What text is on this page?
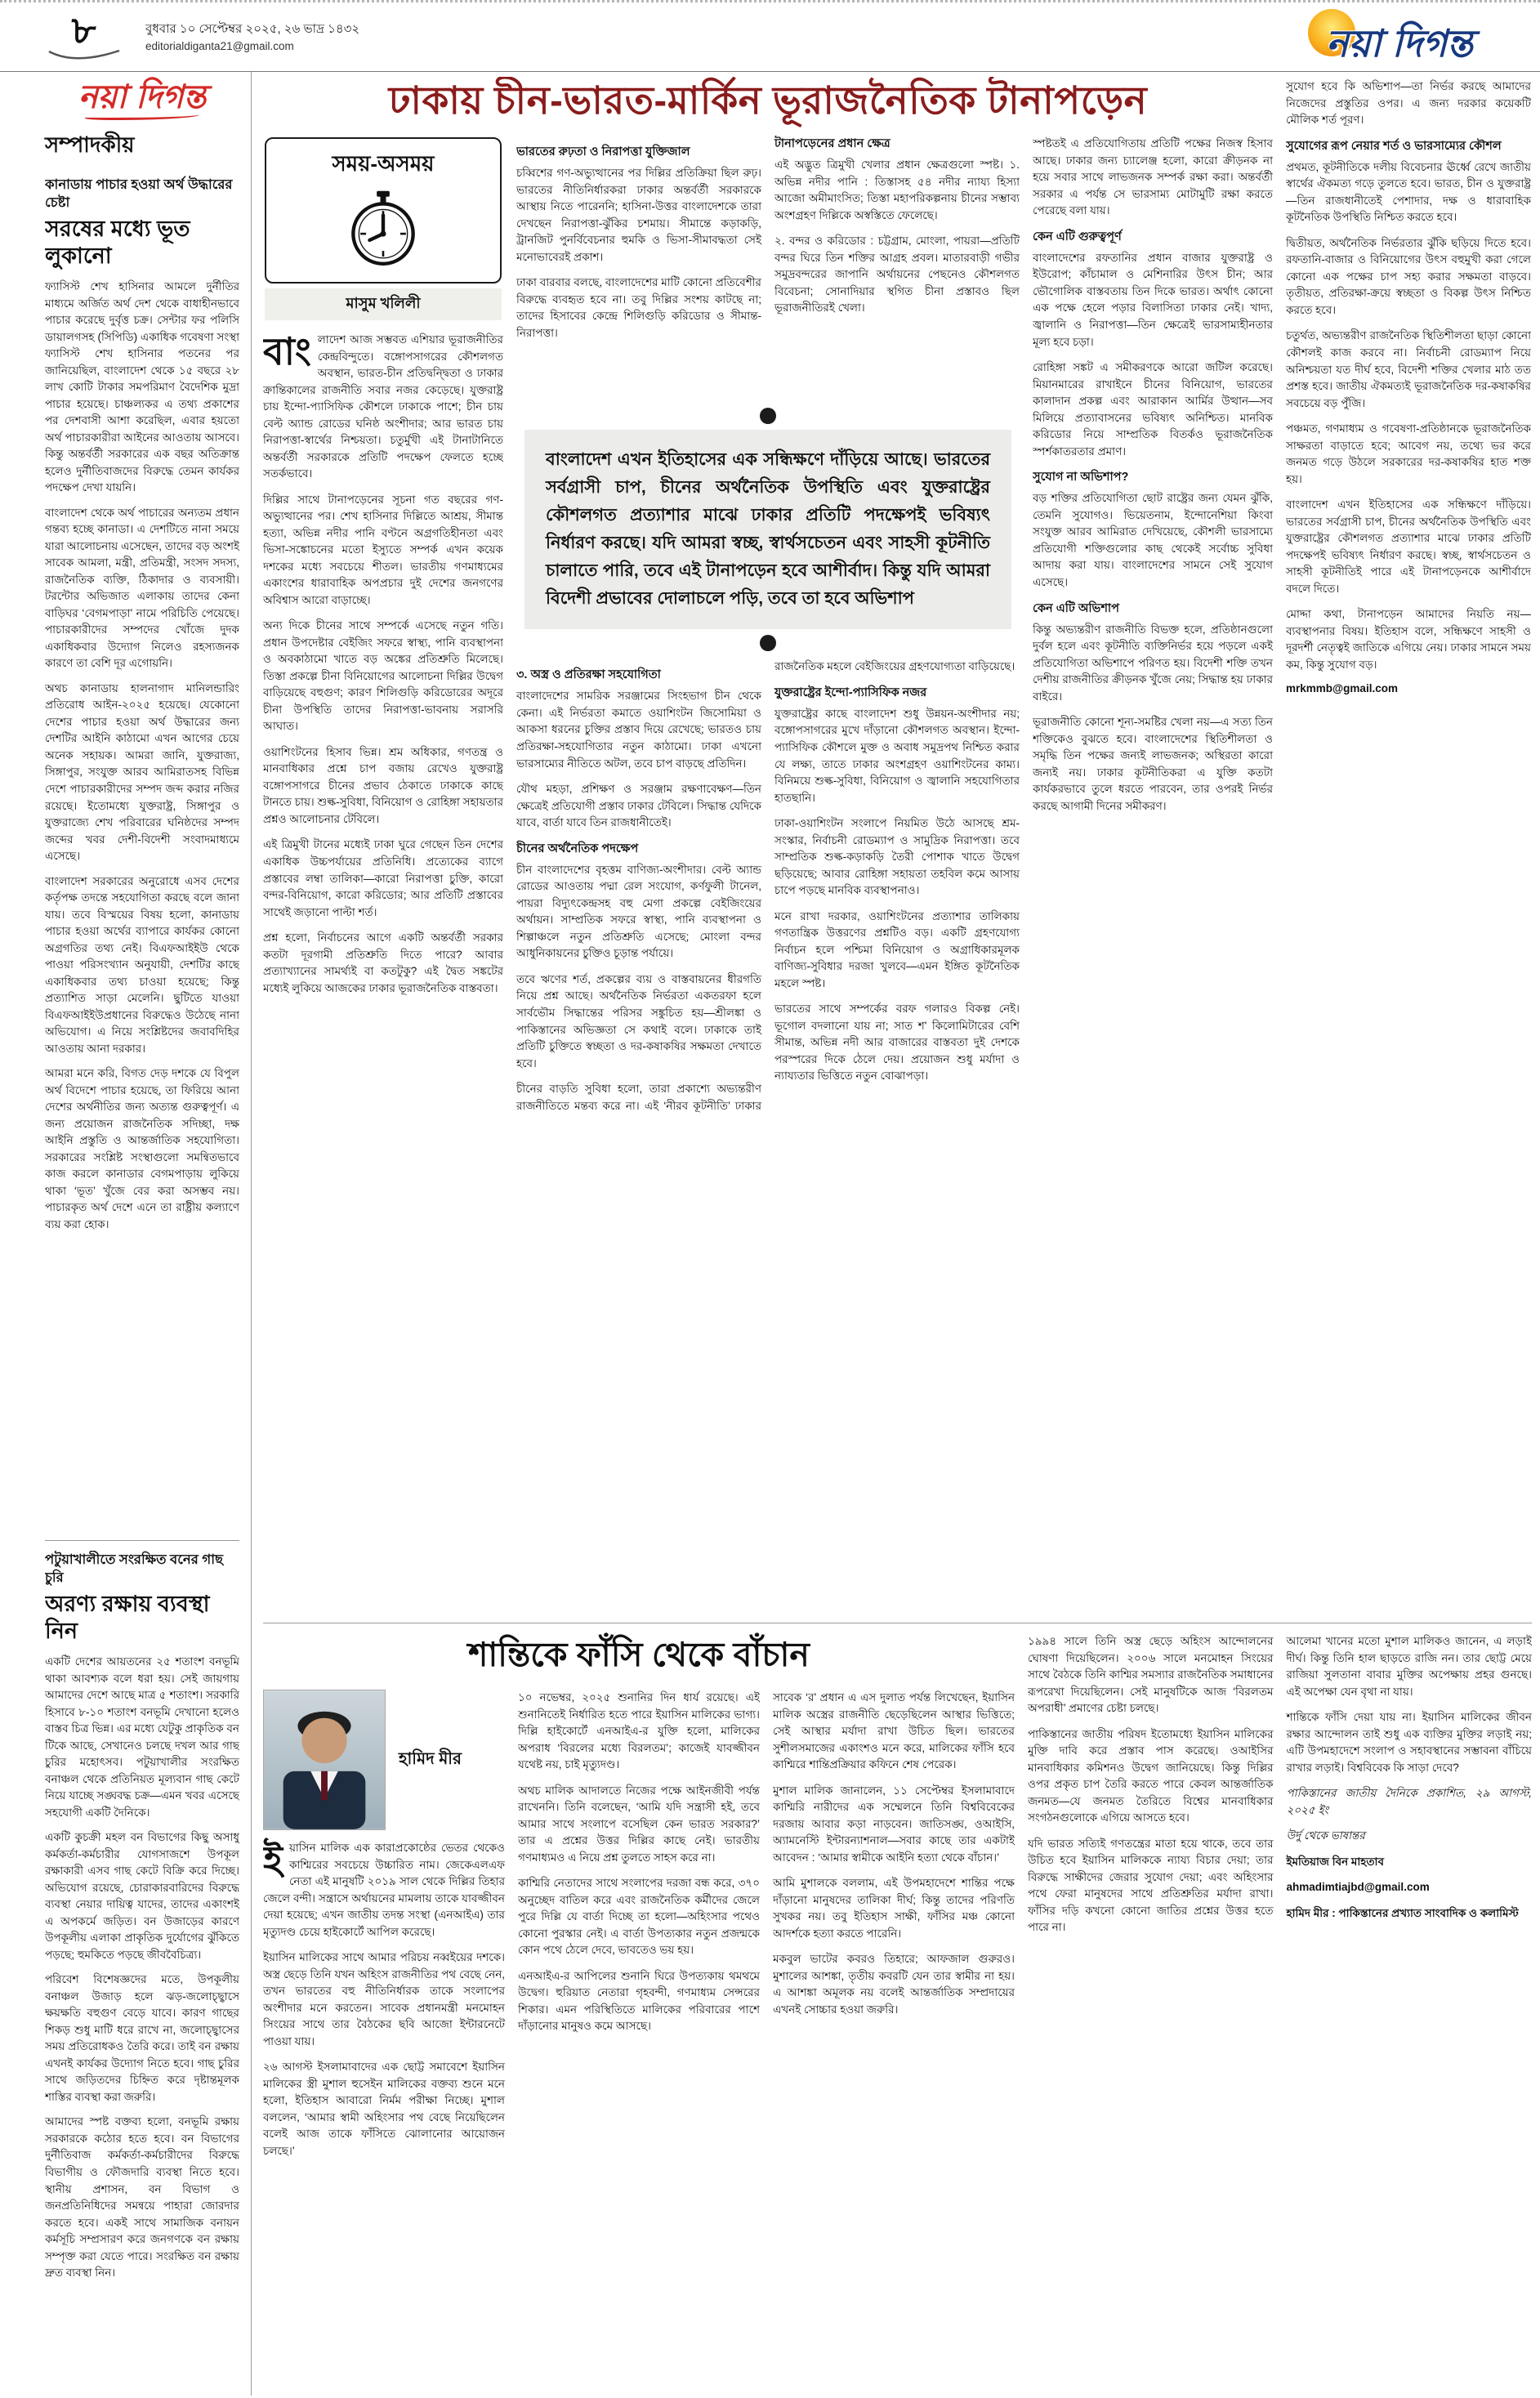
৮	বুধবার ১০ সেপ্টেম্বর ২০২৫, ২৬ ভাদ্র ১৪৩২
editorialdiganta21@gmail.com	নয়া দিগন্ত
নয়া দিগন্ত
সম্পাদকীয়
কানাডায় পাচার হওয়া অর্থ উদ্ধারের চেষ্টা
সরষের মধ্যে ভূত লুকানো

ফ্যাসিস্ট শেখ হাসিনার আমলে দুর্নীতির মাধ্যমে অর্জিত অর্থ দেশ থেকে বাধাহীনভাবে পাচার করেছে দুর্বৃত্ত চক্র। সেন্টার ফর পলিসি ডায়ালগসহ (সিপিডি) একাধিক গবেষণা সংস্থা ফ্যাসিস্ট শেখ হাসিনার পতনের পর জানিয়েছিল, বাংলাদেশ থেকে ১৫ বছরে ২৮ লাখ কোটি টাকার সমপরিমাণ বৈদেশিক মুদ্রা পাচার হয়েছে। চাঞ্চল্যকর এ তথ্য প্রকাশের পর দেশবাসী আশা করেছিল, এবার হয়তো অর্থ পাচারকারীরা আইনের আওতায় আসবে। কিন্তু অন্তর্বর্তী সরকারের এক বছর অতিক্রান্ত হলেও দুর্নীতিবাজদের বিরুদ্ধে তেমন কার্যকর পদক্ষেপ দেখা যায়নি।

বাংলাদেশ থেকে অর্থ পাচারের অন্যতম প্রধান গন্তব্য হচ্ছে কানাডা। এ দেশটিতে নানা সময়ে যারা আলোচনায় এসেছেন, তাদের বড় অংশই সাবেক আমলা, মন্ত্রী, প্রতিমন্ত্রী, সংসদ সদস্য, রাজনৈতিক ব্যক্তি, ঠিকাদার ও ব্যবসায়ী। টরন্টোর অভিজাত এলাকায় তাদের কেনা বাড়িঘর ‘বেগমপাড়া’ নামে পরিচিতি পেয়েছে। পাচারকারীদের সম্পদের খোঁজে দুদক একাধিকবার উদ্যোগ নিলেও রহস্যজনক কারণে তা বেশি দূর এগোয়নি।

অথচ কানাডায় হালনাগাদ মানিলন্ডারিং প্রতিরোধ আইন-২০২৫ হয়েছে। যেকোনো দেশের পাচার হওয়া অর্থ উদ্ধারের জন্য দেশটির আইনি কাঠামো এখন আগের চেয়ে অনেক সহায়ক। আমরা জানি, যুক্তরাজ্য, সিঙ্গাপুর, সংযুক্ত আরব আমিরাতসহ বিভিন্ন দেশে পাচারকারীদের সম্পদ জব্দ করার নজির রয়েছে। ইতোমধ্যে যুক্তরাষ্ট্র, সিঙ্গাপুর ও যুক্তরাজ্যে শেখ পরিবারের ঘনিষ্ঠদের সম্পদ জব্দের খবর দেশী-বিদেশী সংবাদমাধ্যমে এসেছে।

বাংলাদেশ সরকারের অনুরোধে এসব দেশের কর্তৃপক্ষ তদন্তে সহযোগিতা করছে বলে জানা যায়। তবে বিস্ময়ের বিষয় হলো, কানাডায় পাচার হওয়া অর্থের ব্যাপারে কার্যকর কোনো অগ্রগতির তথ্য নেই। বিএফআইইউ থেকে পাওয়া পরিসংখ্যান অনুযায়ী, দেশটির কাছে একাধিকবার তথ্য চাওয়া হয়েছে; কিন্তু প্রত্যাশিত সাড়া মেলেনি। ছুটিতে যাওয়া বিএফআইইউপ্রধানের বিরুদ্ধেও উঠেছে নানা অভিযোগ। এ নিয়ে সংশ্লিষ্টদের জবাবদিহির আওতায় আনা দরকার।

আমরা মনে করি, বিগত দেড় দশকে যে বিপুল অর্থ বিদেশে পাচার হয়েছে, তা ফিরিয়ে আনা দেশের অর্থনীতির জন্য অত্যন্ত গুরুত্বপূর্ণ। এ জন্য প্রয়োজন রাজনৈতিক সদিচ্ছা, দক্ষ আইনি প্রস্তুতি ও আন্তর্জাতিক সহযোগিতা। সরকারের সংশ্লিষ্ট সংস্থাগুলো সমন্বিতভাবে কাজ করলে কানাডার বেগমপাড়ায় লুকিয়ে থাকা ‘ভূত’ খুঁজে বের করা অসম্ভব নয়। পাচারকৃত অর্থ দেশে এনে তা রাষ্ট্রীয় কল্যাণে ব্যয় করা হোক।

পটুয়াখালীতে সংরক্ষিত বনের গাছ চুরি
অরণ্য রক্ষায় ব্যবস্থা নিন

একটি দেশের আয়তনের ২৫ শতাংশ বনভূমি থাকা আবশ্যক বলে ধরা হয়। সেই জায়গায় আমাদের দেশে আছে মাত্র ৫ শতাংশ। সরকারি হিসাবে ৮-১০ শতাংশ বনভূমি দেখানো হলেও বাস্তব চিত্র ভিন্ন। এর মধ্যে যেটুকু প্রাকৃতিক বন টিকে আছে, সেখানেও চলছে দখল আর গাছ চুরির মহোৎসব। পটুয়াখালীর সংরক্ষিত বনাঞ্চল থেকে প্রতিনিয়ত মূল্যবান গাছ কেটে নিয়ে যাচ্ছে সঙ্ঘবদ্ধ চক্র—এমন খবর এসেছে সহযোগী একটি দৈনিকে।

একটি কুচক্রী মহল বন বিভাগের কিছু অসাধু কর্মকর্তা-কর্মচারীর যোগসাজশে উপকূল রক্ষাকারী এসব গাছ কেটে বিক্রি করে দিচ্ছে। অভিযোগ রয়েছে, চোরাকারবারিদের বিরুদ্ধে ব্যবস্থা নেয়ার দায়িত্ব যাদের, তাদের একাংশই এ অপকর্মে জড়িত। বন উজাড়ের কারণে উপকূলীয় এলাকা প্রাকৃতিক দুর্যোগের ঝুঁকিতে পড়ছে; হুমকিতে পড়ছে জীববৈচিত্র্য।

পরিবেশ বিশেষজ্ঞদের মতে, উপকূলীয় বনাঞ্চল উজাড় হলে ঝড়-জলোচ্ছ্বাসে ক্ষয়ক্ষতি বহুগুণ বেড়ে যাবে। কারণ গাছের শিকড় শুধু মাটি ধরে রাখে না, জলোচ্ছ্বাসের সময় প্রতিরোধকও তৈরি করে। তাই বন রক্ষায় এখনই কার্যকর উদ্যোগ নিতে হবে। গাছ চুরির সাথে জড়িতদের চিহ্নিত করে দৃষ্টান্তমূলক শাস্তির ব্যবস্থা করা জরুরি।

আমাদের স্পষ্ট বক্তব্য হলো, বনভূমি রক্ষায় সরকারকে কঠোর হতে হবে। বন বিভাগের দুর্নীতিবাজ কর্মকর্তা-কর্মচারীদের বিরুদ্ধে বিভাগীয় ও ফৌজদারি ব্যবস্থা নিতে হবে। স্থানীয় প্রশাসন, বন বিভাগ ও জনপ্রতিনিধিদের সমন্বয়ে পাহারা জোরদার করতে হবে। একই সাথে সামাজিক বনায়ন কর্মসূচি সম্প্রসারণ করে জনগণকে বন রক্ষায় সম্পৃক্ত করা যেতে পারে। সংরক্ষিত বন রক্ষায় দ্রুত ব্যবস্থা নিন।

ঢাকায় চীন-ভারত-মার্কিন ভূরাজনৈতিক টানাপড়েন
সময়-অসময়
মাসুম খলিলী

বাংলাদেশ আজ সম্ভবত এশিয়ার ভূরাজনীতির কেন্দ্রবিন্দুতে। বঙ্গোপসাগরের কৌশলগত অবস্থান, ভারত-চীন প্রতিদ্বন্দ্বিতা ও ঢাকার ক্রান্তিকালের রাজনীতি সবার নজর কেড়েছে। যুক্তরাষ্ট্র চায় ইন্দো-প্যাসিফিক কৌশলে ঢাকাকে পাশে; চীন চায় বেল্ট অ্যান্ড রোডের ঘনিষ্ঠ অংশীদার; আর ভারত চায় নিরাপত্তা-স্বার্থের নিশ্চয়তা। চতুর্মুখী এই টানাটানিতে অন্তর্বর্তী সরকারকে প্রতিটি পদক্ষেপ ফেলতে হচ্ছে সতর্কভাবে।

দিল্লির সাথে টানাপড়েনের সূচনা গত বছরের গণ-অভ্যুত্থানের পর। শেখ হাসিনার দিল্লিতে আশ্রয়, সীমান্ত হত্যা, অভিন্ন নদীর পানি বণ্টনে অগ্রগতিহীনতা এবং ভিসা-সঙ্কোচনের মতো ইস্যুতে সম্পর্ক এখন কয়েক দশকের মধ্যে সবচেয়ে শীতল। ভারতীয় গণমাধ্যমের একাংশের ধারাবাহিক অপপ্রচার দুই দেশের জনগণের অবিশ্বাস আরো বাড়াচ্ছে।

অন্য দিকে চীনের সাথে সম্পর্কে এসেছে নতুন গতি। প্রধান উপদেষ্টার বেইজিং সফরে স্বাস্থ্য, পানি ব্যবস্থাপনা ও অবকাঠামো খাতে বড় অঙ্কের প্রতিশ্রুতি মিলেছে। তিস্তা প্রকল্পে চীনা বিনিয়োগের আলোচনা দিল্লির উদ্বেগ বাড়িয়েছে বহুগুণ; কারণ শিলিগুড়ি করিডোরের অদূরে চীনা উপস্থিতি তাদের নিরাপত্তা-ভাবনায় সরাসরি আঘাত।

ওয়াশিংটনের হিসাব ভিন্ন। শ্রম অধিকার, গণতন্ত্র ও মানবাধিকার প্রশ্নে চাপ বজায় রেখেও যুক্তরাষ্ট্র বঙ্গোপসাগরে চীনের প্রভাব ঠেকাতে ঢাকাকে কাছে টানতে চায়। শুল্ক-সুবিধা, বিনিয়োগ ও রোহিঙ্গা সহায়তার প্রশ্নও আলোচনার টেবিলে।

এই ত্রিমুখী টানের মধ্যেই ঢাকা ঘুরে গেছেন তিন দেশের একাধিক উচ্চপর্যায়ের প্রতিনিধি। প্রত্যেকের ব্যাগে প্রস্তাবের লম্বা তালিকা—কারো নিরাপত্তা চুক্তি, কারো বন্দর-বিনিয়োগ, কারো করিডোর; আর প্রতিটি প্রস্তাবের সাথেই জড়ানো পাল্টা শর্ত।

প্রশ্ন হলো, নির্বাচনের আগে একটি অন্তর্বর্তী সরকার কতটা দূরগামী প্রতিশ্রুতি দিতে পারে? আবার প্রত্যাখ্যানের সামর্থ্যই বা কতটুকু? এই দ্বৈত সঙ্কটের মধ্যেই লুকিয়ে আজকের ঢাকার ভূরাজনৈতিক বাস্তবতা।

ভারতের রুঢ়তা ও নিরাপত্তা যুক্তিজাল

চব্বিশের গণ-অভ্যুত্থানের পর দিল্লির প্রতিক্রিয়া ছিল রুঢ়। ভারতের নীতিনির্ধারকরা ঢাকার অন্তর্বর্তী সরকারকে আস্থায় নিতে পারেননি; হাসিনা-উত্তর বাংলাদেশকে তারা দেখছেন নিরাপত্তা-ঝুঁকির চশমায়। সীমান্তে কড়াকড়ি, ট্রানজিট পুনর্বিবেচনার হুমকি ও ভিসা-সীমাবদ্ধতা সেই মনোভাবেরই প্রকাশ।

ঢাকা বারবার বলছে, বাংলাদেশের মাটি কোনো প্রতিবেশীর বিরুদ্ধে ব্যবহৃত হবে না। তবু দিল্লির সংশয় কাটছে না; তাদের হিসাবের কেন্দ্রে শিলিগুড়ি করিডোর ও সীমান্ত-নিরাপত্তা।

টানাপড়েনের প্রধান ক্ষেত্র

এই অদ্ভুত ত্রিমুখী খেলার প্রধান ক্ষেত্রগুলো স্পষ্ট। ১. অভিন্ন নদীর পানি : তিস্তাসহ ৫৪ নদীর ন্যায্য হিস্যা আজো অমীমাংসিত; তিস্তা মহাপরিকল্পনায় চীনের সম্ভাব্য অংশগ্রহণ দিল্লিকে অস্বস্তিতে ফেলেছে।

২. বন্দর ও করিডোর : চট্টগ্রাম, মোংলা, পায়রা—প্রতিটি বন্দর ঘিরে তিন শক্তির আগ্রহ প্রবল। মাতারবাড়ী গভীর সমুদ্রবন্দরের জাপানি অর্থায়নের পেছনেও কৌশলগত বিবেচনা; সোনাদিয়ার স্থগিত চীনা প্রস্তাবও ছিল ভূরাজনীতিরই খেলা।

বাংলাদেশ এখন ইতিহাসের এক সন্ধিক্ষণে দাঁড়িয়ে আছে। ভারতের সর্বগ্রাসী চাপ, চীনের অর্থনৈতিক উপস্থিতি এবং যুক্তরাষ্ট্রের কৌশলগত প্রত্যাশার মাঝে ঢাকার প্রতিটি পদক্ষেপই ভবিষ্যৎ নির্ধারণ করছে। যদি আমরা স্বচ্ছ, স্বার্থসচেতন এবং সাহসী কূটনীতি চালাতে পারি, তবে এই টানাপড়েন হবে আশীর্বাদ। কিন্তু যদি আমরা বিদেশী প্রভাবের দোলাচলে পড়ি, তবে তা হবে অভিশাপ
৩. অস্ত্র ও প্রতিরক্ষা সহযোগিতা

বাংলাদেশের সামরিক সরঞ্জামের সিংহভাগ চীন থেকে কেনা। এই নির্ভরতা কমাতে ওয়াশিংটন জিসোমিয়া ও আকসা ধরনের চুক্তির প্রস্তাব দিয়ে রেখেছে; ভারতও চায় প্রতিরক্ষা-সহযোগিতার নতুন কাঠামো। ঢাকা এখনো ভারসাম্যের নীতিতে অটল, তবে চাপ বাড়ছে প্রতিদিন।

যৌথ মহড়া, প্রশিক্ষণ ও সরঞ্জাম রক্ষণাবেক্ষণ—তিন ক্ষেত্রেই প্রতিযোগী প্রস্তাব ঢাকার টেবিলে। সিদ্ধান্ত যেদিকে যাবে, বার্তা যাবে তিন রাজধানীতেই।

চীনের অর্থনৈতিক পদক্ষেপ

চীন বাংলাদেশের বৃহত্তম বাণিজ্য-অংশীদার। বেল্ট অ্যান্ড রোডের আওতায় পদ্মা রেল সংযোগ, কর্ণফুলী টানেল, পায়রা বিদ্যুৎকেন্দ্রসহ বহু মেগা প্রকল্পে বেইজিংয়ের অর্থায়ন। সাম্প্রতিক সফরে স্বাস্থ্য, পানি ব্যবস্থাপনা ও শিল্পাঞ্চলে নতুন প্রতিশ্রুতি এসেছে; মোংলা বন্দর আধুনিকায়নের চুক্তিও চূড়ান্ত পর্যায়ে।

তবে ঋণের শর্ত, প্রকল্পের ব্যয় ও বাস্তবায়নের ধীরগতি নিয়ে প্রশ্ন আছে। অর্থনৈতিক নির্ভরতা একতরফা হলে সার্বভৌম সিদ্ধান্তের পরিসর সঙ্কুচিত হয়—শ্রীলঙ্কা ও পাকিস্তানের অভিজ্ঞতা সে কথাই বলে। ঢাকাকে তাই প্রতিটি চুক্তিতে স্বচ্ছতা ও দর-কষাকষির সক্ষমতা দেখাতে হবে।

চীনের বাড়তি সুবিধা হলো, তারা প্রকাশ্যে অভ্যন্তরীণ রাজনীতিতে মন্তব্য করে না। এই ‘নীরব কূটনীতি’ ঢাকার রাজনৈতিক মহলে বেইজিংয়ের গ্রহণযোগ্যতা বাড়িয়েছে।

যুক্তরাষ্ট্রের ইন্দো-প্যাসিফিক নজর

যুক্তরাষ্ট্রের কাছে বাংলাদেশ শুধু উন্নয়ন-অংশীদার নয়; বঙ্গোপসাগরের মুখে দাঁড়ানো কৌশলগত অবস্থান। ইন্দো-প্যাসিফিক কৌশলে মুক্ত ও অবাধ সমুদ্রপথ নিশ্চিত করার যে লক্ষ্য, তাতে ঢাকার অংশগ্রহণ ওয়াশিংটনের কাম্য। বিনিময়ে শুল্ক-সুবিধা, বিনিয়োগ ও জ্বালানি সহযোগিতার হাতছানি।

ঢাকা-ওয়াশিংটন সংলাপে নিয়মিত উঠে আসছে শ্রম-সংস্কার, নির্বাচনী রোডম্যাপ ও সামুদ্রিক নিরাপত্তা। তবে সাম্প্রতিক শুল্ক-কড়াকড়ি তৈরী পোশাক খাতে উদ্বেগ ছড়িয়েছে; আবার রোহিঙ্গা সহায়তা তহবিল কমে আসায় চাপে পড়ছে মানবিক ব্যবস্থাপনাও।

মনে রাখা দরকার, ওয়াশিংটনের প্রত্যাশার তালিকায় গণতান্ত্রিক উত্তরণের প্রশ্নটিও বড়। একটি গ্রহণযোগ্য নির্বাচন হলে পশ্চিমা বিনিয়োগ ও অগ্রাধিকারমূলক বাণিজ্য-সুবিধার দরজা খুলবে—এমন ইঙ্গিত কূটনৈতিক মহলে স্পষ্ট।

ভারতের সাথে সম্পর্কের বরফ গলারও বিকল্প নেই। ভূগোল বদলানো যায় না; সাত শ' কিলোমিটারের বেশি সীমান্ত, অভিন্ন নদী আর বাজারের বাস্তবতা দুই দেশকে পরস্পরের দিকে ঠেলে দেয়। প্রয়োজন শুধু মর্যাদা ও ন্যায্যতার ভিত্তিতে নতুন বোঝাপড়া।

স্পষ্টতই এ প্রতিযোগিতায় প্রতিটি পক্ষের নিজস্ব হিসাব আছে। ঢাকার জন্য চ্যালেঞ্জ হলো, কারো ক্রীড়নক না হয়ে সবার সাথে লাভজনক সম্পর্ক রক্ষা করা। অন্তর্বর্তী সরকার এ পর্যন্ত সে ভারসাম্য মোটামুটি রক্ষা করতে পেরেছে বলা যায়।

কেন এটি গুরুত্বপূর্ণ

বাংলাদেশের রফতানির প্রধান বাজার যুক্তরাষ্ট্র ও ইউরোপ; কাঁচামাল ও মেশিনারির উৎস চীন; আর ভৌগোলিক বাস্তবতায় তিন দিকে ভারত। অর্থাৎ কোনো এক পক্ষে হেলে পড়ার বিলাসিতা ঢাকার নেই। খাদ্য, জ্বালানি ও নিরাপত্তা—তিন ক্ষেত্রেই ভারসাম্যহীনতার মূল্য হবে চড়া।

রোহিঙ্গা সঙ্কট এ সমীকরণকে আরো জটিল করেছে। মিয়ানমারের রাখাইনে চীনের বিনিয়োগ, ভারতের কালাদান প্রকল্প এবং আরাকান আর্মির উত্থান—সব মিলিয়ে প্রত্যাবাসনের ভবিষ্যৎ অনিশ্চিত। মানবিক করিডোর নিয়ে সাম্প্রতিক বিতর্কও ভূরাজনৈতিক স্পর্শকাতরতার প্রমাণ।

সুযোগ না অভিশাপ?

বড় শক্তির প্রতিযোগিতা ছোট রাষ্ট্রের জন্য যেমন ঝুঁকি, তেমনি সুযোগও। ভিয়েতনাম, ইন্দোনেশিয়া কিংবা সংযুক্ত আরব আমিরাত দেখিয়েছে, কৌশলী ভারসাম্যে প্রতিযোগী শক্তিগুলোর কাছ থেকেই সর্বোচ্চ সুবিধা আদায় করা যায়। বাংলাদেশের সামনে সেই সুযোগ এসেছে।

কেন এটি অভিশাপ

কিন্তু অভ্যন্তরীণ রাজনীতি বিভক্ত হলে, প্রতিষ্ঠানগুলো দুর্বল হলে এবং কূটনীতি ব্যক্তিনির্ভর হয়ে পড়লে একই প্রতিযোগিতা অভিশাপে পরিণত হয়। বিদেশী শক্তি তখন দেশীয় রাজনীতির ক্রীড়নক খুঁজে নেয়; সিদ্ধান্ত হয় ঢাকার বাইরে।

ভূরাজনীতি কোনো শূন্য-সমষ্টির খেলা নয়—এ সত্য তিন শক্তিকেও বুঝতে হবে। বাংলাদেশের স্থিতিশীলতা ও সমৃদ্ধি তিন পক্ষের জন্যই লাভজনক; অস্থিরতা কারো জন্যই নয়। ঢাকার কূটনীতিকরা এ যুক্তি কতটা কার্যকরভাবে তুলে ধরতে পারবেন, তার ওপরই নির্ভর করছে আগামী দিনের সমীকরণ।

সুযোগ হবে কি অভিশাপ—তা নির্ভর করছে আমাদের নিজেদের প্রস্তুতির ওপর। এ জন্য দরকার কয়েকটি মৌলিক শর্ত পূরণ।

সুযোগের রূপ নেয়ার শর্ত ও ভারসাম্যের কৌশল

প্রথমত, কূটনীতিকে দলীয় বিবেচনার ঊর্ধ্বে রেখে জাতীয় স্বার্থের ঐকমত্য গড়ে তুলতে হবে। ভারত, চীন ও যুক্তরাষ্ট্র—তিন রাজধানীতেই পেশাদার, দক্ষ ও ধারাবাহিক কূটনৈতিক উপস্থিতি নিশ্চিত করতে হবে।

দ্বিতীয়ত, অর্থনৈতিক নির্ভরতার ঝুঁকি ছড়িয়ে দিতে হবে। রফতানি-বাজার ও বিনিয়োগের উৎস বহুমুখী করা গেলে কোনো এক পক্ষের চাপ সহ্য করার সক্ষমতা বাড়বে। তৃতীয়ত, প্রতিরক্ষা-ক্রয়ে স্বচ্ছতা ও বিকল্প উৎস নিশ্চিত করতে হবে।

চতুর্থত, অভ্যন্তরীণ রাজনৈতিক স্থিতিশীলতা ছাড়া কোনো কৌশলই কাজ করবে না। নির্বাচনী রোডম্যাপ নিয়ে অনিশ্চয়তা যত দীর্ঘ হবে, বিদেশী শক্তির খেলার মাঠ তত প্রশস্ত হবে। জাতীয় ঐকমত্যই ভূরাজনৈতিক দর-কষাকষির সবচেয়ে বড় পুঁজি।

পঞ্চমত, গণমাধ্যম ও গবেষণা-প্রতিষ্ঠানকে ভূরাজনৈতিক সাক্ষরতা বাড়াতে হবে; আবেগ নয়, তথ্যে ভর করে জনমত গড়ে উঠলে সরকারের দর-কষাকষির হাত শক্ত হয়।

বাংলাদেশ এখন ইতিহাসের এক সন্ধিক্ষণে দাঁড়িয়ে। ভারতের সর্বগ্রাসী চাপ, চীনের অর্থনৈতিক উপস্থিতি এবং যুক্তরাষ্ট্রের কৌশলগত প্রত্যাশার মাঝে ঢাকার প্রতিটি পদক্ষেপই ভবিষ্যৎ নির্ধারণ করছে। স্বচ্ছ, স্বার্থসচেতন ও সাহসী কূটনীতিই পারে এই টানাপড়েনকে আশীর্বাদে বদলে দিতে।

মোদ্দা কথা, টানাপড়েন আমাদের নিয়তি নয়—ব্যবস্থাপনার বিষয়। ইতিহাস বলে, সন্ধিক্ষণে সাহসী ও দূরদর্শী নেতৃত্বই জাতিকে এগিয়ে নেয়। ঢাকার সামনে সময় কম, কিন্তু সুযোগ বড়।

mrkmmb@gmail.com
শান্তিকে ফাঁসি থেকে বাঁচান
হামিদ মীর

ইয়াসিন মালিক এক কারাপ্রকোষ্ঠের ভেতর থেকেও কাশ্মিরের সবচেয়ে উচ্চারিত নাম। জেকেএলএফ নেতা এই মানুষটি ২০১৯ সাল থেকে দিল্লির তিহার জেলে বন্দী। সন্ত্রাসে অর্থায়নের মামলায় তাকে যাবজ্জীবন দেয়া হয়েছে; এখন জাতীয় তদন্ত সংস্থা (এনআইএ) তার মৃত্যুদণ্ড চেয়ে হাইকোর্টে আপিল করেছে।

ইয়াসিন মালিকের সাথে আমার পরিচয় নব্বইয়ের দশকে। অস্ত্র ছেড়ে তিনি যখন অহিংস রাজনীতির পথ বেছে নেন, তখন ভারতের বহু নীতিনির্ধারক তাকে সংলাপের অংশীদার মনে করতেন। সাবেক প্রধানমন্ত্রী মনমোহন সিংয়ের সাথে তার বৈঠকের ছবি আজো ইন্টারনেটে পাওয়া যায়।

২৬ আগস্ট ইসলামাবাদের এক ছোট্ট সমাবেশে ইয়াসিন মালিকের স্ত্রী মুশাল হুসেইন মালিকের বক্তব্য শুনে মনে হলো, ইতিহাস আবারো নির্মম পরীক্ষা নিচ্ছে। মুশাল বললেন, ‘আমার স্বামী অহিংসার পথ বেছে নিয়েছিলেন বলেই আজ তাকে ফাঁসিতে ঝোলানোর আয়োজন চলছে।’

১০ নভেম্বর, ২০২৫ শুনানির দিন ধার্য রয়েছে। এই শুনানিতেই নির্ধারিত হতে পারে ইয়াসিন মালিকের ভাগ্য। দিল্লি হাইকোর্টে এনআইএ-র যুক্তি হলো, মালিকের অপরাধ ‘বিরলের মধ্যে বিরলতম’; কাজেই যাবজ্জীবন যথেষ্ট নয়, চাই মৃত্যুদণ্ড।

অথচ মালিক আদালতে নিজের পক্ষে আইনজীবী পর্যন্ত রাখেননি। তিনি বলেছেন, ‘আমি যদি সন্ত্রাসী হই, তবে আমার সাথে সংলাপে বসেছিল কেন ভারত সরকার?’ তার এ প্রশ্নের উত্তর দিল্লির কাছে নেই। ভারতীয় গণমাধ্যমও এ নিয়ে প্রশ্ন তুলতে সাহস করে না।

কাশ্মিরি নেতাদের সাথে সংলাপের দরজা বন্ধ করে, ৩৭০ অনুচ্ছেদ বাতিল করে এবং রাজনৈতিক কর্মীদের জেলে পুরে দিল্লি যে বার্তা দিচ্ছে তা হলো—অহিংসার পথেও কোনো পুরস্কার নেই। এ বার্তা উপত্যকার নতুন প্রজন্মকে কোন পথে ঠেলে দেবে, ভাবতেও ভয় হয়।

এনআইএ-র আপিলের শুনানি ঘিরে উপত্যকায় থমথমে উদ্বেগ। হুরিয়াত নেতারা গৃহবন্দী, গণমাধ্যম সেন্সরের শিকার। এমন পরিস্থিতিতে মালিকের পরিবারের পাশে দাঁড়ানোর মানুষও কমে আসছে।

সাবেক ‘র’ প্রধান এ এস দুলাত পর্যন্ত লিখেছেন, ইয়াসিন মালিক অস্ত্রের রাজনীতি ছেড়েছিলেন আস্থার ভিত্তিতে; সেই আস্থার মর্যাদা রাখা উচিত ছিল। ভারতের সুশীলসমাজের একাংশও মনে করে, মালিকের ফাঁসি হবে কাশ্মিরে শান্তিপ্রক্রিয়ার কফিনে শেষ পেরেক।

মুশাল মালিক জানালেন, ১১ সেপ্টেম্বর ইসলামাবাদে কাশ্মিরি নারীদের এক সম্মেলনে তিনি বিশ্ববিবেকের দরজায় আবার কড়া নাড়বেন। জাতিসঙ্ঘ, ওআইসি, অ্যামনেস্টি ইন্টারন্যাশনাল—সবার কাছে তার একটাই আবেদন : ‘আমার স্বামীকে আইনি হত্যা থেকে বাঁচান।’

আমি মুশালকে বললাম, এই উপমহাদেশে শান্তির পক্ষে দাঁড়ানো মানুষদের তালিকা দীর্ঘ; কিন্তু তাদের পরিণতি সুখকর নয়। তবু ইতিহাস সাক্ষী, ফাঁসির মঞ্চ কোনো আদর্শকে হত্যা করতে পারেনি।

মকবুল ভাটের কবরও তিহারে; আফজাল গুরুরও। মুশালের আশঙ্কা, তৃতীয় কবরটি যেন তার স্বামীর না হয়। এ আশঙ্কা অমূলক নয় বলেই আন্তর্জাতিক সম্প্রদায়ের এখনই সোচ্চার হওয়া জরুরি।

১৯৯৪ সালে তিনি অস্ত্র ছেড়ে অহিংস আন্দোলনের ঘোষণা দিয়েছিলেন। ২০০৬ সালে মনমোহন সিংয়ের সাথে বৈঠকে তিনি কাশ্মির সমস্যার রাজনৈতিক সমাধানের রূপরেখা দিয়েছিলেন। সেই মানুষটিকে আজ ‘বিরলতম অপরাধী’ প্রমাণের চেষ্টা চলছে।

পাকিস্তানের জাতীয় পরিষদ ইতোমধ্যে ইয়াসিন মালিকের মুক্তি দাবি করে প্রস্তাব পাস করেছে। ওআইসির মানবাধিকার কমিশনও উদ্বেগ জানিয়েছে। কিন্তু দিল্লির ওপর প্রকৃত চাপ তৈরি করতে পারে কেবল আন্তর্জাতিক জনমত—যে জনমত তৈরিতে বিশ্বের মানবাধিকার সংগঠনগুলোকে এগিয়ে আসতে হবে।

যদি ভারত সত্যিই গণতন্ত্রের মাতা হয়ে থাকে, তবে তার উচিত হবে ইয়াসিন মালিককে ন্যায্য বিচার দেয়া; তার বিরুদ্ধে সাক্ষীদের জেরার সুযোগ দেয়া; এবং অহিংসার পথে ফেরা মানুষদের সাথে প্রতিশ্রুতির মর্যাদা রাখা। ফাঁসির দড়ি কখনো কোনো জাতির প্রশ্নের উত্তর হতে পারে না।

আলেমা খানের মতো মুশাল মালিকও জানেন, এ লড়াই দীর্ঘ। কিন্তু তিনি হাল ছাড়তে রাজি নন। তার ছোট্ট মেয়ে রাজিয়া সুলতানা বাবার মুক্তির অপেক্ষায় প্রহর গুনছে। এই অপেক্ষা যেন বৃথা না যায়।

শান্তিকে ফাঁসি দেয়া যায় না। ইয়াসিন মালিকের জীবন রক্ষার আন্দোলন তাই শুধু এক ব্যক্তির মুক্তির লড়াই নয়; এটি উপমহাদেশে সংলাপ ও সহাবস্থানের সম্ভাবনা বাঁচিয়ে রাখার লড়াই। বিশ্ববিবেক কি সাড়া দেবে?

পাকিস্তানের জাতীয় দৈনিকে প্রকাশিত, ২৯ আগস্ট, ২০২৫ ইং

উর্দু থেকে ভাষান্তর

ইমতিয়াজ বিন মাহতাব

ahmadimtiajbd@gmail.com

হামিদ মীর : পাকিস্তানের প্রখ্যাত সাংবাদিক ও কলামিস্ট
